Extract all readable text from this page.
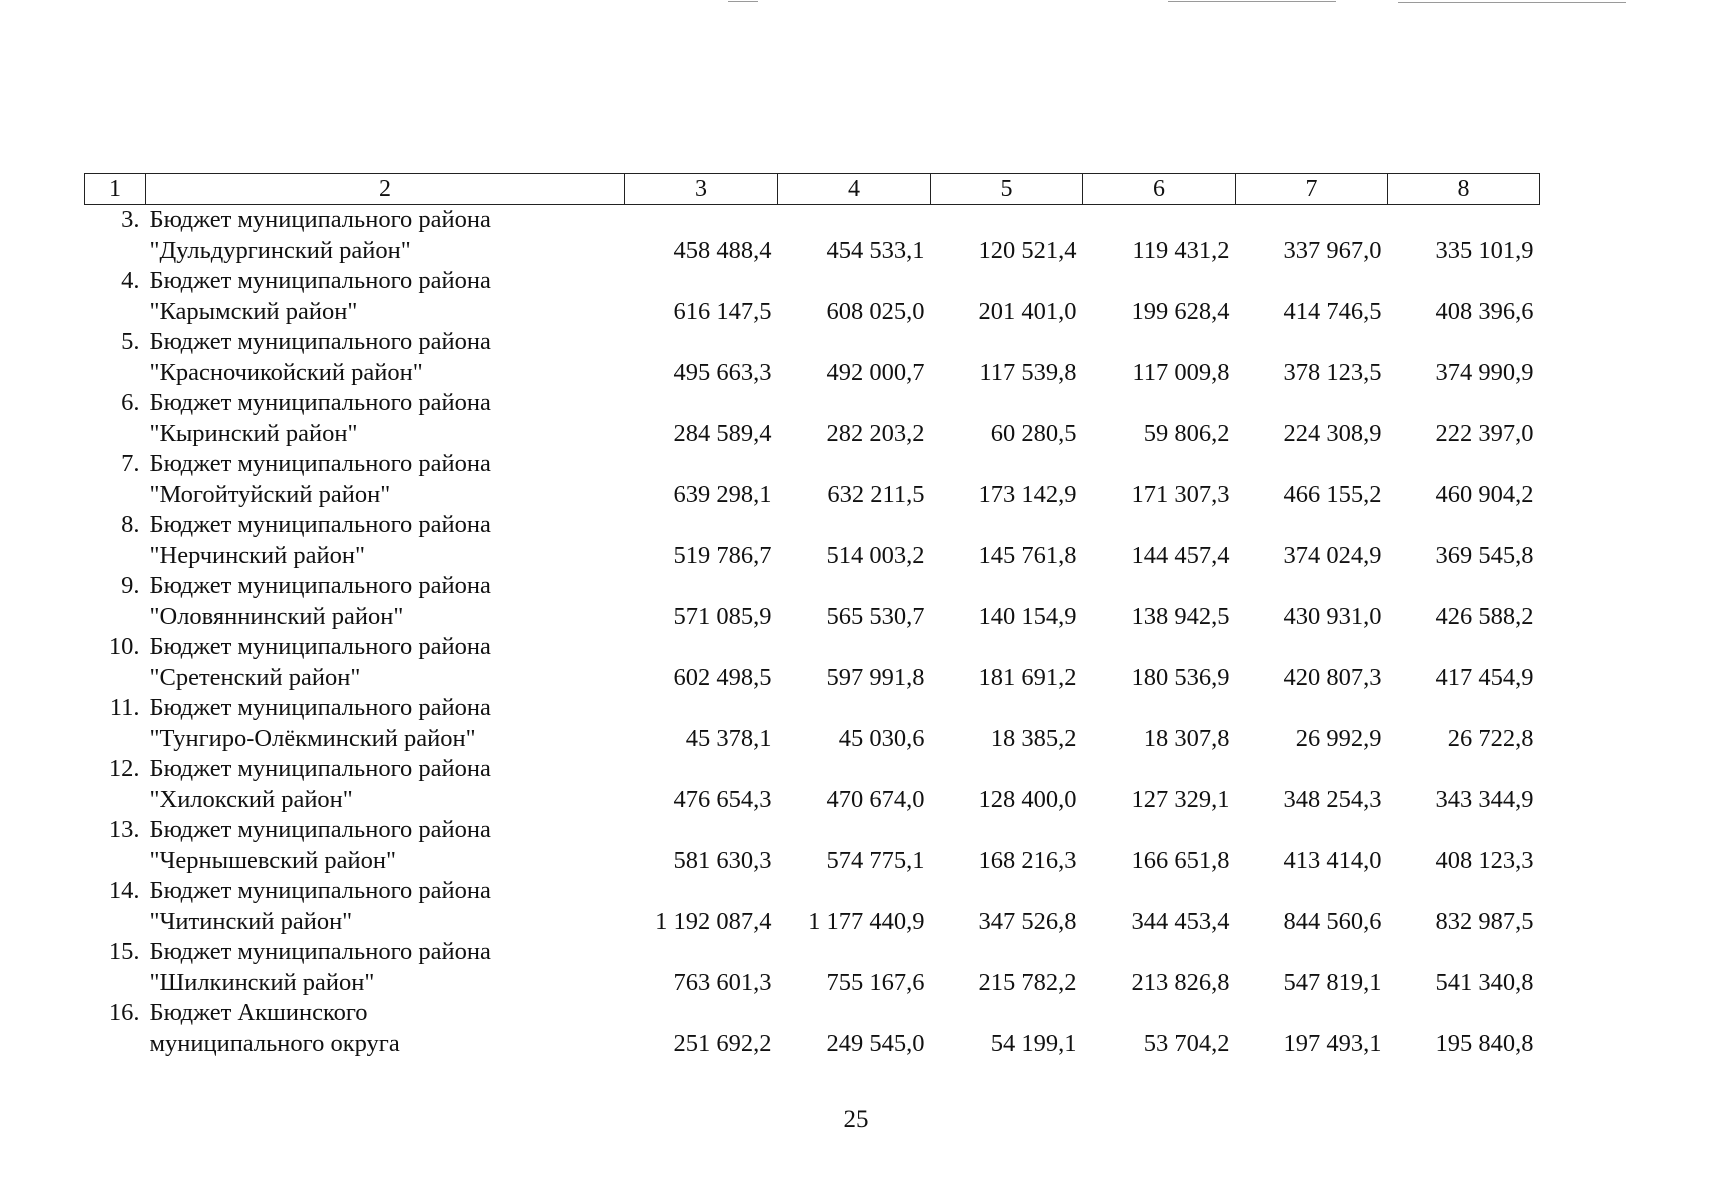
1	2	3	4	5	6	7	8
3.	Бюджет муниципального района
"Дульдургинский район"	458 488,4	454 533,1	120 521,4	119 431,2	337 967,0	335 101,9
4.	Бюджет муниципального района
"Карымский район"	616 147,5	608 025,0	201 401,0	199 628,4	414 746,5	408 396,6
5.	Бюджет муниципального района
"Красночикойский район"	495 663,3	492 000,7	117 539,8	117 009,8	378 123,5	374 990,9
6.	Бюджет муниципального района
"Кыринский район"	284 589,4	282 203,2	60 280,5	59 806,2	224 308,9	222 397,0
7.	Бюджет муниципального района
"Могойтуйский район"	639 298,1	632 211,5	173 142,9	171 307,3	466 155,2	460 904,2
8.	Бюджет муниципального района
"Нерчинский район"	519 786,7	514 003,2	145 761,8	144 457,4	374 024,9	369 545,8
9.	Бюджет муниципального района
"Оловяннинский район"	571 085,9	565 530,7	140 154,9	138 942,5	430 931,0	426 588,2
10.	Бюджет муниципального района
"Сретенский район"	602 498,5	597 991,8	181 691,2	180 536,9	420 807,3	417 454,9
11.	Бюджет муниципального района
"Тунгиро-Олёкминский район"	45 378,1	45 030,6	18 385,2	18 307,8	26 992,9	26 722,8
12.	Бюджет муниципального района
"Хилокский район"	476 654,3	470 674,0	128 400,0	127 329,1	348 254,3	343 344,9
13.	Бюджет муниципального района
"Чернышевский район"	581 630,3	574 775,1	168 216,3	166 651,8	413 414,0	408 123,3
14.	Бюджет муниципального района
"Читинский район"	1 192 087,4	1 177 440,9	347 526,8	344 453,4	844 560,6	832 987,5
15.	Бюджет муниципального района
"Шилкинский район"	763 601,3	755 167,6	215 782,2	213 826,8	547 819,1	541 340,8
16.	Бюджет Акшинского
муниципального округа	251 692,2	249 545,0	54 199,1	53 704,2	197 493,1	195 840,8
25
